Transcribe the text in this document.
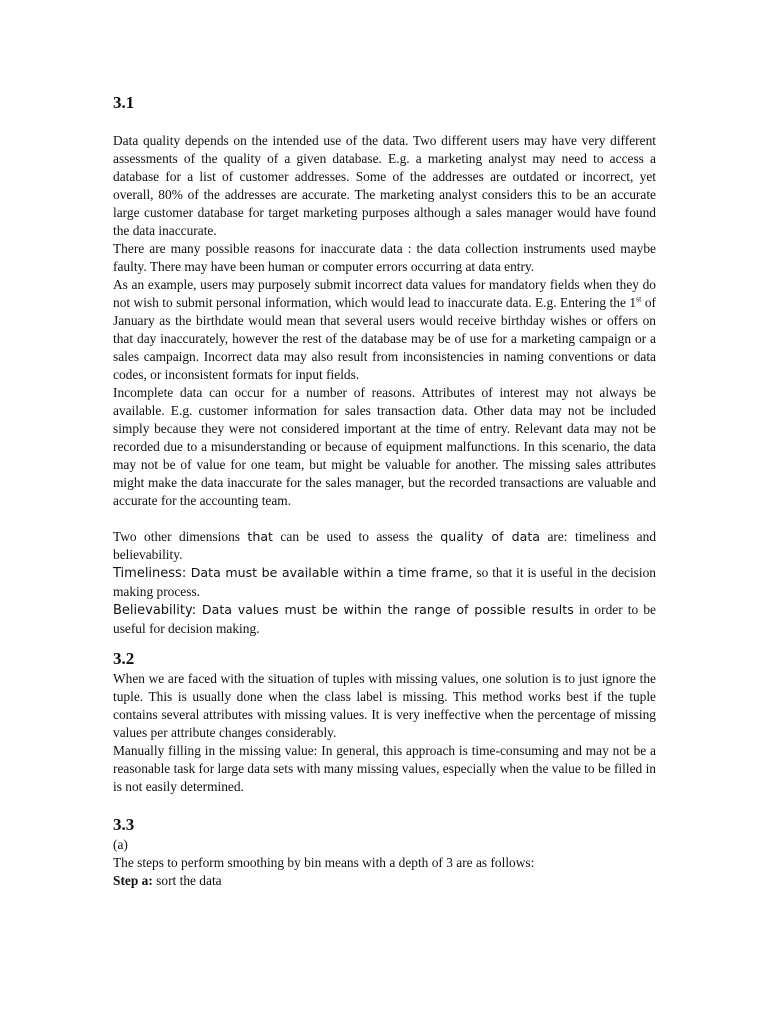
3.1

Data quality depends on the intended use of the data. Two different users may have very different assessments of the quality of a given database. E.g. a marketing analyst may need to access a database for a list of customer addresses. Some of the addresses are outdated or incorrect, yet overall, 80% of the addresses are accurate. The marketing analyst considers this to be an accurate large customer database for target marketing purposes although a sales manager would have found the data inaccurate.

There are many possible reasons for inaccurate data : the data collection instruments used maybe faulty. There may have been human or computer errors occurring at data entry.

As an example, users may purposely submit incorrect data values for mandatory fields when they do not wish to submit personal information, which would lead to inaccurate data. E.g. Entering the 1st of January as the birthdate would mean that several users would receive birthday wishes or offers on that day inaccurately, however the rest of the database may be of use for a marketing campaign or a sales campaign. Incorrect data may also result from inconsistencies in naming conventions or data codes, or inconsistent formats for input fields.

Incomplete data can occur for a number of reasons. Attributes of interest may not always be available. E.g. customer information for sales transaction data. Other data may not be included simply because they were not considered important at the time of entry. Relevant data may not be recorded due to a misunderstanding or because of equipment malfunctions. In this scenario, the data may not be of value for one team, but might be valuable for another. The missing sales attributes might make the data inaccurate for the sales manager, but the recorded transactions are valuable and accurate for the accounting team.

Two other dimensions that can be used to assess the quality of data are: timeliness and believability.

Timeliness: Data must be available within a time frame, so that it is useful in the decision making process.

Believability: Data values must be within the range of possible results in order to be useful for decision making.

3.2

When we are faced with the situation of tuples with missing values, one solution is to just ignore the tuple. This is usually done when the class label is missing. This method works best if the tuple contains several attributes with missing values. It is very ineffective when the percentage of missing values per attribute changes considerably.

Manually filling in the missing value: In general, this approach is time-consuming and may not be a reasonable task for large data sets with many missing values, especially when the value to be filled in is not easily determined.

3.3

(a)

The steps to perform smoothing by bin means with a depth of 3 are as follows:

Step a: sort the data
